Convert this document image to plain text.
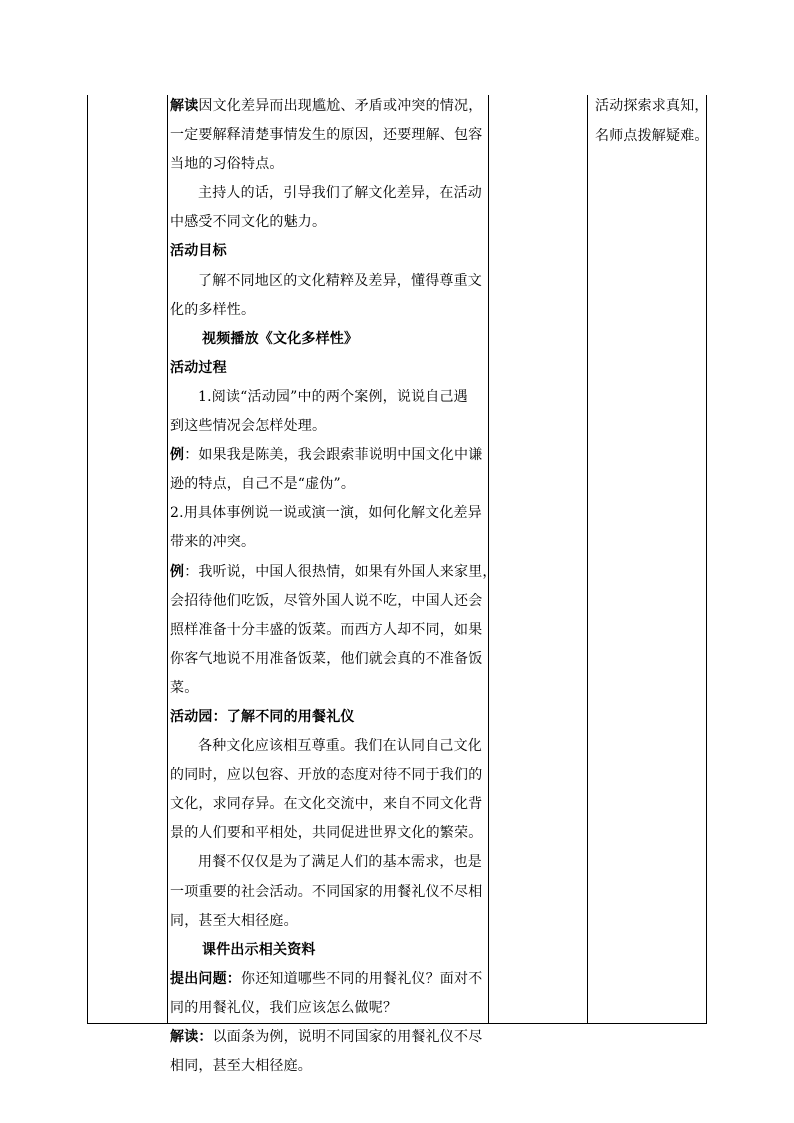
解读因文化差异而出现尴尬、矛盾或冲突的情况，
一定要解释清楚事情发生的原因，还要理解、包容
当地的习俗特点。
主持人的话，引导我们了解文化差异，在活动
中感受不同文化的魅力。
活动目标
了解不同地区的文化精粹及差异，懂得尊重文
化的多样性。
视频播放《文化多样性》
活动过程
1.阅读“活动园”中的两个案例，说说自己遇
到这些情况会怎样处理。
例：如果我是陈美，我会跟索菲说明中国文化中谦
逊的特点，自己不是“虚伪”。
2.用具体事例说一说或演一演，如何化解文化差异
带来的冲突。
例：我听说，中国人很热情，如果有外国人来家里，
会招待他们吃饭，尽管外国人说不吃，中国人还会
照样准备十分丰盛的饭菜。而西方人却不同，如果
你客气地说不用准备饭菜，他们就会真的不准备饭
菜。
活动园：了解不同的用餐礼仪
各种文化应该相互尊重。我们在认同自己文化
的同时，应以包容、开放的态度对待不同于我们的
文化，求同存异。在文化交流中，来自不同文化背
景的人们要和平相处，共同促进世界文化的繁荣。
用餐不仅仅是为了满足人们的基本需求，也是
一项重要的社会活动。不同国家的用餐礼仪不尽相
同，甚至大相径庭。
课件出示相关资料
提出问题：你还知道哪些不同的用餐礼仪？面对不
同的用餐礼仪，我们应该怎么做呢？
解读：以面条为例，说明不同国家的用餐礼仪不尽
相同，甚至大相径庭。
活动探索求真知，
名师点拨解疑难。
